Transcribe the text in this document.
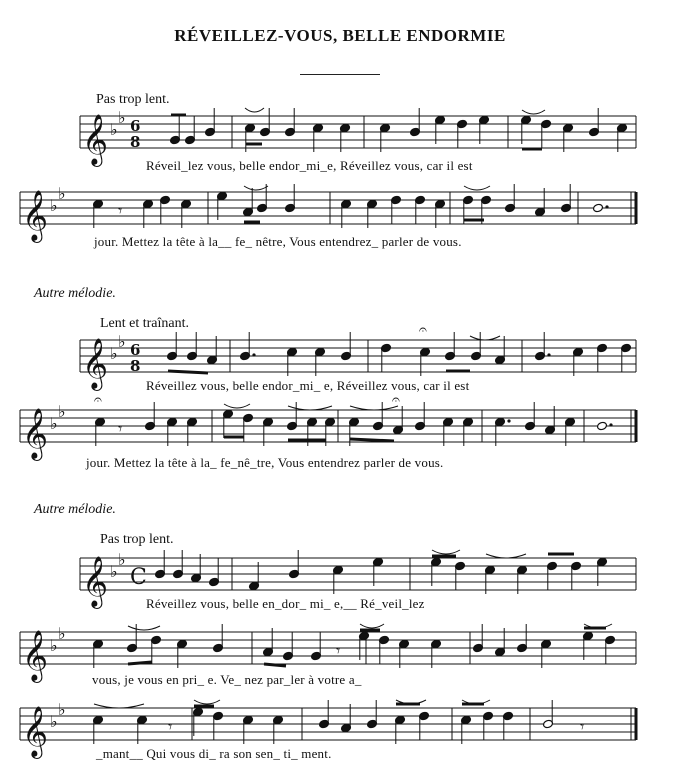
RÉVEILLEZ-VOUS, BELLE ENDORMIE
Pas trop lent.
Réveil_lez vous, belle endor_mi_e, Réveillez vous, car il est
jour. Mettez la tête à la__ fe_ nêtre, Vous entendrez_ parler de vous.
Autre mélodie.
Lent et traînant.
Réveillez vous, belle endor_mi_ e, Réveillez vous, car il est
jour. Mettez la tête à la_ fe_nê_tre, Vous entendrez parler de vous.
Autre mélodie.
Pas trop lent.
Réveillez vous, belle en_dor_ mi_ e,__ Ré_veil_lez
vous, je vous en pri_ e. Ve_ nez par_ler à votre a_
_mant__ Qui vous di_ ra son sen_ ti_ ment.
𝄞 ♭
♭ 6
8
𝄞 ♭
♭
𝄾
𝄞 ♭
♭ 6
8
𝄐
𝄞 ♭
♭
𝄾
𝄐	𝄐
𝄞 ♭
♭
C
𝄞 ♭
♭
𝄾
𝄞 ♭
♭
𝄾	𝄾
